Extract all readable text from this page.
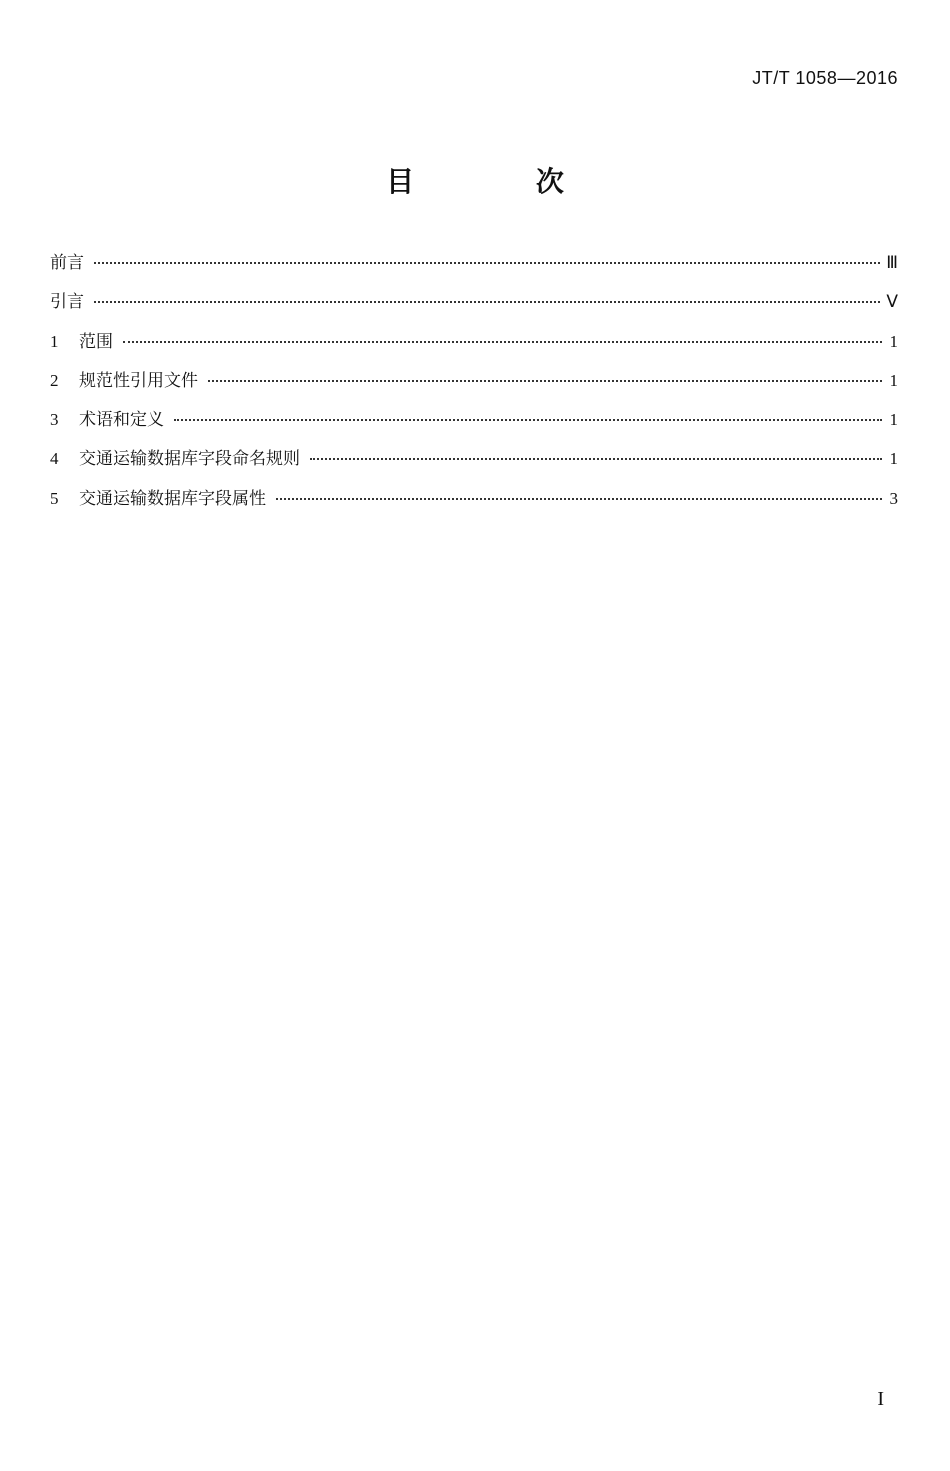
JT/T 1058—2016
目 次
前言	Ⅲ
引言	Ⅴ
1	范围	1
2	规范性引用文件	1
3	术语和定义	1
4	交通运输数据库字段命名规则	1
5	交通运输数据库字段属性	3
I
